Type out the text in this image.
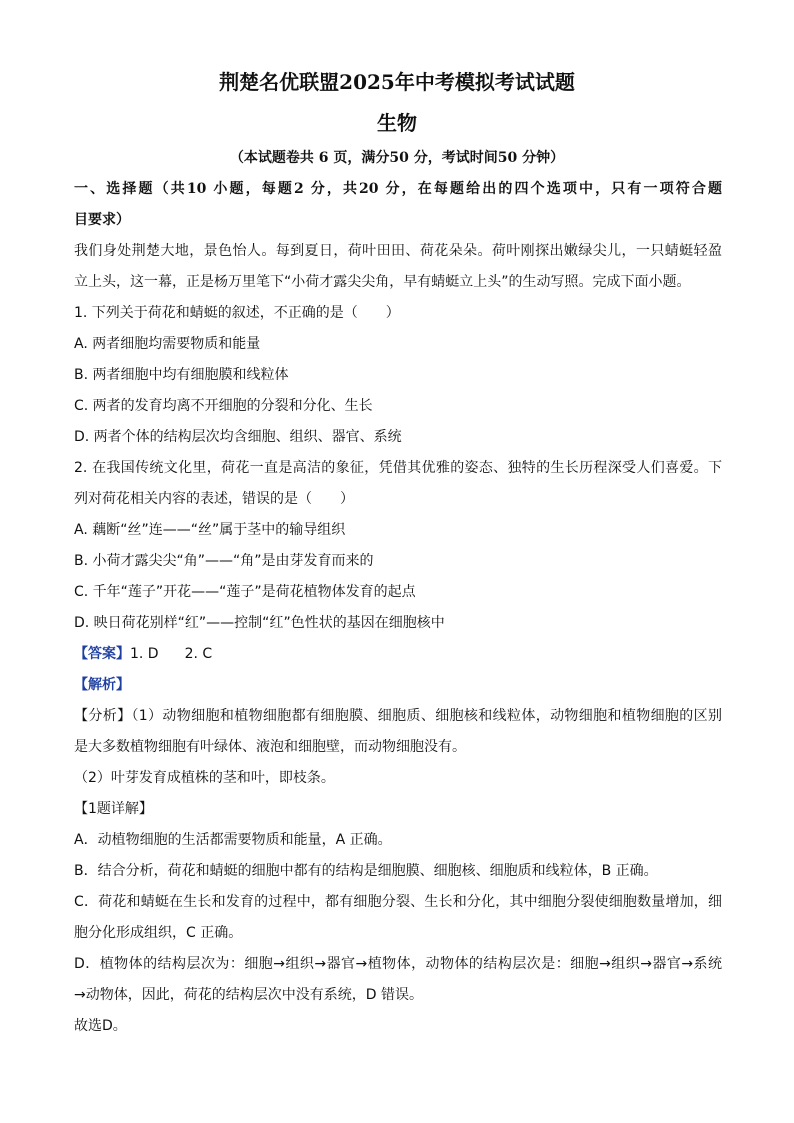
荆楚名优联盟2025年中考模拟考试试题
生物
（本试题卷共 6 页，满分50 分，考试时间50 分钟）
一、选择题（共10 小题，每题2 分，共20 分，在每题给出的四个选项中，只有一项符合题
目要求）
我们身处荆楚大地，景色怡人。每到夏日，荷叶田田、荷花朵朵。荷叶刚探出嫩绿尖儿，一只蜻蜓轻盈
立上头，这一幕，正是杨万里笔下“小荷才露尖尖角，早有蜻蜓立上头”的生动写照。完成下面小题。
1. 下列关于荷花和蜻蜓的叙述，不正确的是（　　）
A. 两者细胞均需要物质和能量
B. 两者细胞中均有细胞膜和线粒体
C. 两者的发育均离不开细胞的分裂和分化、生长
D. 两者个体的结构层次均含细胞、组织、器官、系统
2. 在我国传统文化里，荷花一直是高洁的象征，凭借其优雅的姿态、独特的生长历程深受人们喜爱。下
列对荷花相关内容的表述，错误的是（　　）
A. 藕断“丝”连——“丝”属于茎中的输导组织
B. 小荷才露尖尖“角”——“角”是由芽发育而来的
C. 千年“莲子”开花——“莲子”是荷花植物体发育的起点
D. 映日荷花别样“红”——控制“红”色性状的基因在细胞核中
【答案】1. D 2. C
【解析】
【分析】（1）动物细胞和植物细胞都有细胞膜、细胞质、细胞核和线粒体，动物细胞和植物细胞的区别
是大多数植物细胞有叶绿体、液泡和细胞壁，而动物细胞没有。
（2）叶芽发育成植株的茎和叶，即枝条。
【1题详解】
A．动植物细胞的生活都需要物质和能量，A 正确。
B．结合分析，荷花和蜻蜓的细胞中都有的结构是细胞膜、细胞核、细胞质和线粒体，B 正确。
C．荷花和蜻蜓在生长和发育的过程中，都有细胞分裂、生长和分化，其中细胞分裂使细胞数量增加，细
胞分化形成组织，C 正确。
D．植物体的结构层次为：细胞→组织→器官→植物体，动物体的结构层次是：细胞→组织→器官→系统
→动物体，因此，荷花的结构层次中没有系统，D 错误。
故选D。
